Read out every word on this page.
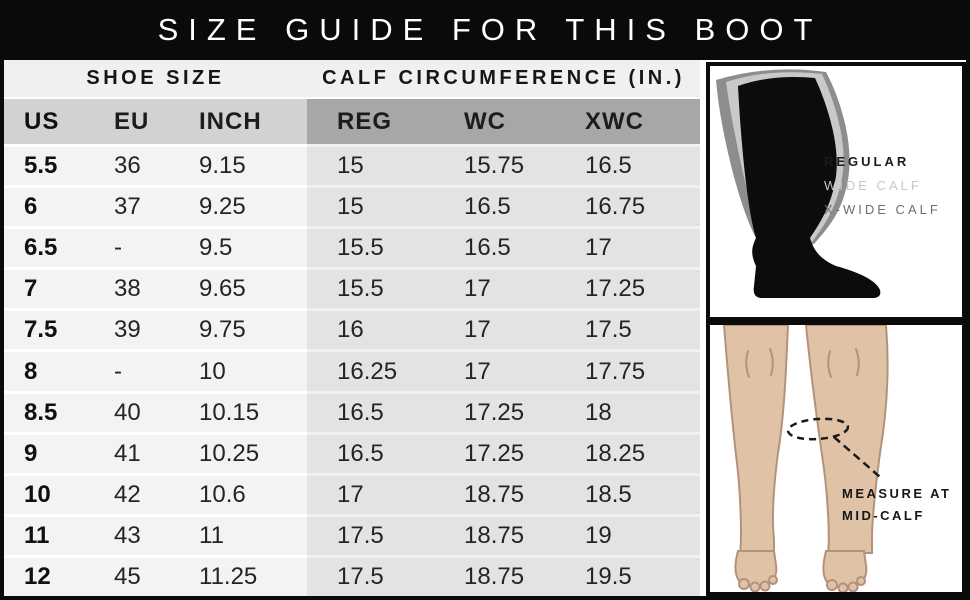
SIZE GUIDE FOR THIS BOOT
SHOE SIZE	CALF CIRCUMFERENCE (IN.)
US	EU	INCH	REG	WC	XWC
5.5	36	9.15	15	15.75	16.5
6	37	9.25	15	16.5	16.75
6.5	-	9.5	15.5	16.5	17
7	38	9.65	15.5	17	17.25
7.5	39	9.75	16	17	17.5
8	-	10	16.25	17	17.75
8.5	40	10.15	16.5	17.25	18
9	41	10.25	16.5	17.25	18.25
10	42	10.6	17	18.75	18.5
11	43	11	17.5	18.75	19
12	45	11.25	17.5	18.75	19.5
REGULAR
WIDE CALF
X-WIDE CALF
MEASURE AT
MID-CALF
